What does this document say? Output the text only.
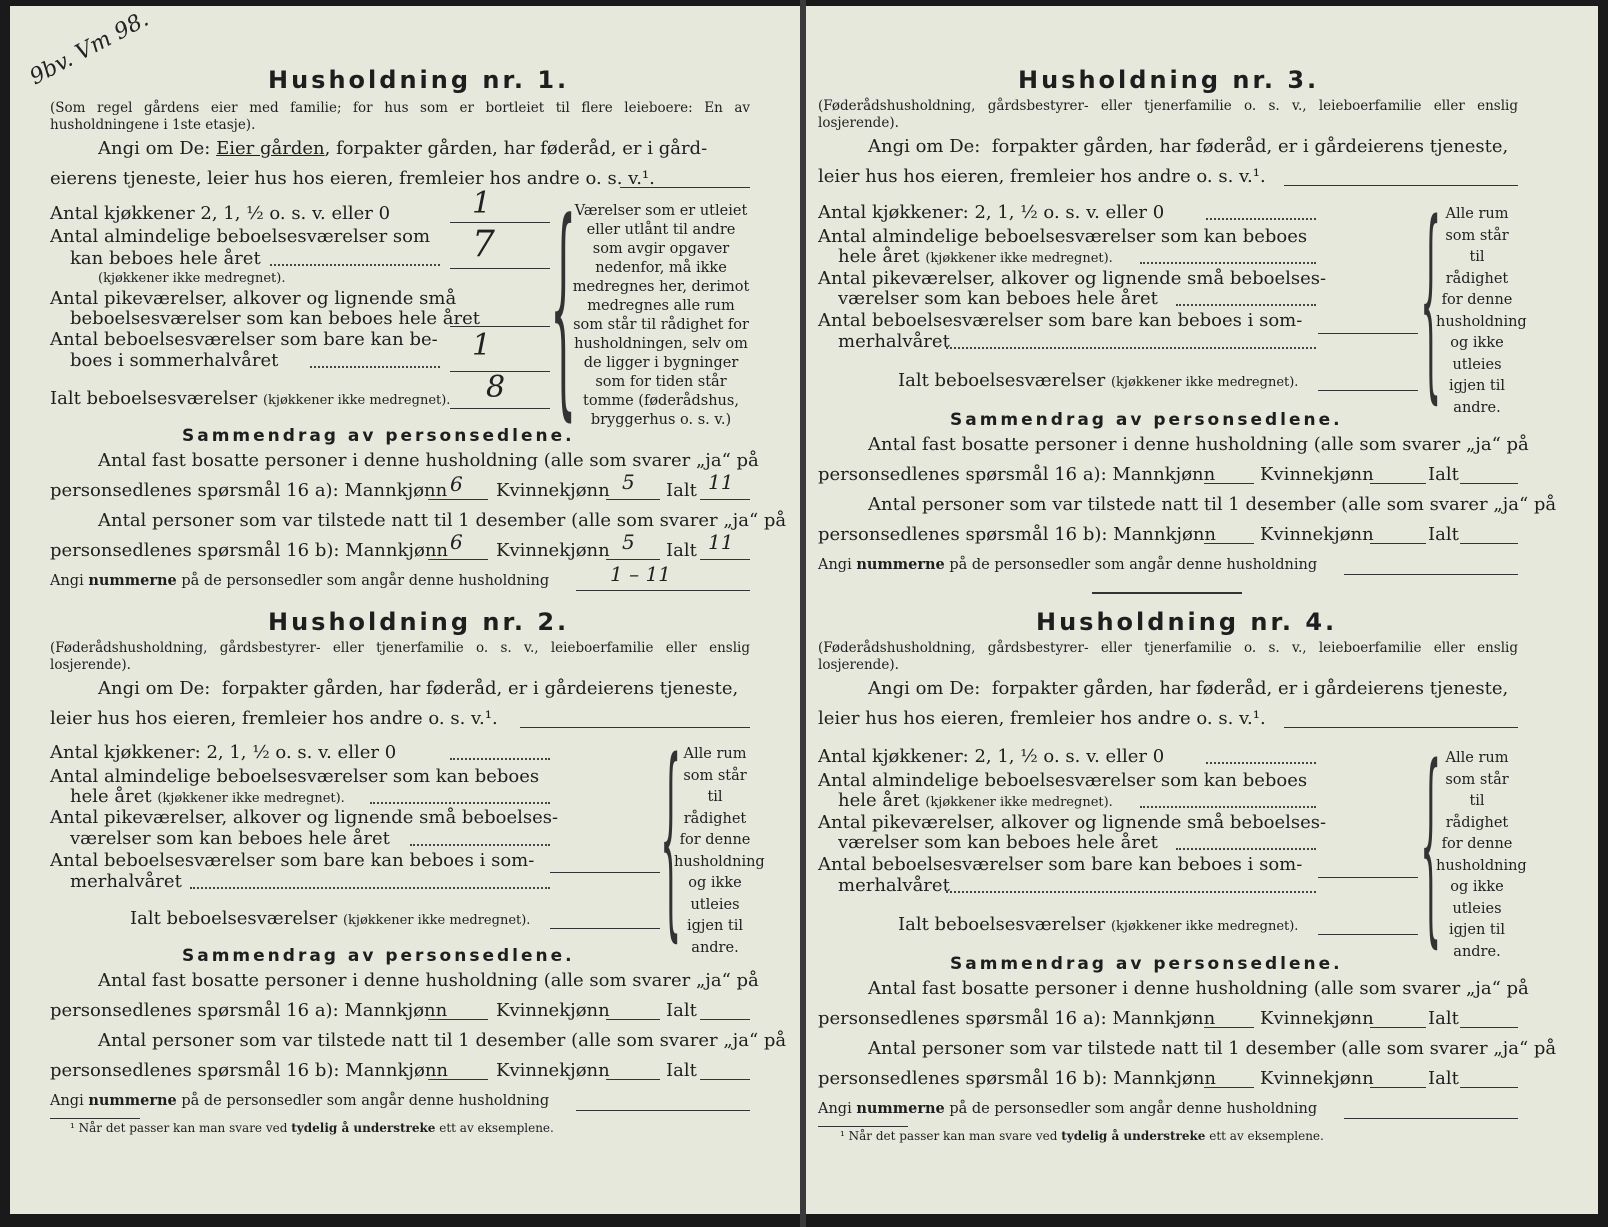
9bv. Vm 98.	Husholdning nr. 1.
(Som regel gårdens eier med familie; for hus som er bortleiet til flere leieboere: En av husholdningene i 1ste etasje).
Angi om De: Eier gården, forpakter gården, har føderåd, er i gård-
eierens tjeneste, leier hus hos eieren, fremleier hos andre o. s. v.¹.
Antal kjøkkener 2, 1, ½ o. s. v. eller 0	1
Antal almindelige beboelsesværelser som
kan beboes hele året	7
(kjøkkener ikke medregnet).
Antal pikeværelser, alkover og lignende små
beboelsesværelser som kan beboes hele året
Antal beboelsesværelser som bare kan be-
boes i sommerhalvåret	1
Ialt beboelsesværelser (kjøkkener ikke medregnet). 8 {
Værelser som er utleiet eller utlånt til andre som avgir opgaver nedenfor, må ikke medregnes her, derimot medregnes alle rum som står til rådighet for husholdningen, selv om de ligger i bygninger som for tiden står tomme (føderådshus, bryggerhus o. s. v.)
Sammendrag av personsedlene.
Antal fast bosatte personer i denne husholdning (alle som svarer „ja“ på
personsedlenes spørsmål 16 a): Mannkjønn 6 Kvinnekjønn 5 Ialt 11
Antal personer som var tilstede natt til 1 desember (alle som svarer „ja“ på
personsedlenes spørsmål 16 b): Mannkjønn 6 Kvinnekjønn 5 Ialt 11
Angi nummerne på de personsedler som angår denne husholdning	1 – 11
Husholdning nr. 2.
(Føderådshusholdning, gårdsbestyrer- eller tjenerfamilie o. s. v., leieboerfamilie eller enslig losjerende).
Angi om De: forpakter gården, har føderåd, er i gårdeierens tjeneste,
leier hus hos eieren, fremleier hos andre o. s. v.¹.
Antal kjøkkener: 2, 1, ½ o. s. v. eller 0
Antal almindelige beboelsesværelser som kan beboes
hele året (kjøkkener ikke medregnet).
Antal pikeværelser, alkover og lignende små beboelses-
værelser som kan beboes hele året
Antal beboelsesværelser som bare kan beboes i som-
merhalvåret
Ialt beboelsesværelser (kjøkkener ikke medregnet). { Alle rum som står til rådighet for denne husholdning og ikke utleies igjen til andre.
Sammendrag av personsedlene.
Antal fast bosatte personer i denne husholdning (alle som svarer „ja“ på
personsedlenes spørsmål 16 a): Mannkjønn	Kvinnekjønn	Ialt
Antal personer som var tilstede natt til 1 desember (alle som svarer „ja“ på
personsedlenes spørsmål 16 b): Mannkjønn	Kvinnekjønn	Ialt
Angi nummerne på de personsedler som angår denne husholdning
¹ Når det passer kan man svare ved tydelig å understreke ett av eksemplene.
Husholdning nr. 3.
(Føderådshusholdning, gårdsbestyrer- eller tjenerfamilie o. s. v., leieboerfamilie eller enslig losjerende).
Angi om De: forpakter gården, har føderåd, er i gårdeierens tjeneste,
leier hus hos eieren, fremleier hos andre o. s. v.¹.
Antal kjøkkener: 2, 1, ½ o. s. v. eller 0
Antal almindelige beboelsesværelser som kan beboes
hele året (kjøkkener ikke medregnet).
Antal pikeværelser, alkover og lignende små beboelses-
værelser som kan beboes hele året
Antal beboelsesværelser som bare kan beboes i som-
merhalvåret
Ialt beboelsesværelser (kjøkkener ikke medregnet). { Alle rum som står til rådighet for denne husholdning og ikke utleies igjen til andre.
Sammendrag av personsedlene.
Antal fast bosatte personer i denne husholdning (alle som svarer „ja“ på
personsedlenes spørsmål 16 a): Mannkjønn Kvinnekjønn	Ialt
Antal personer som var tilstede natt til 1 desember (alle som svarer „ja“ på
personsedlenes spørsmål 16 b): Mannkjønn Kvinnekjønn	Ialt
Angi nummerne på de personsedler som angår denne husholdning
Husholdning nr. 4.
(Føderådshusholdning, gårdsbestyrer- eller tjenerfamilie o. s. v., leieboerfamilie eller enslig losjerende).
Angi om De: forpakter gården, har føderåd, er i gårdeierens tjeneste,
leier hus hos eieren, fremleier hos andre o. s. v.¹.
Antal kjøkkener: 2, 1, ½ o. s. v. eller 0
Antal almindelige beboelsesværelser som kan beboes
hele året (kjøkkener ikke medregnet).
Antal pikeværelser, alkover og lignende små beboelses-
værelser som kan beboes hele året
Antal beboelsesværelser som bare kan beboes i som-
merhalvåret
Ialt beboelsesværelser (kjøkkener ikke medregnet). { Alle rum som står til rådighet for denne husholdning og ikke utleies igjen til andre.
Sammendrag av personsedlene.
Antal fast bosatte personer i denne husholdning (alle som svarer „ja“ på
personsedlenes spørsmål 16 a): Mannkjønn Kvinnekjønn	Ialt
Antal personer som var tilstede natt til 1 desember (alle som svarer „ja“ på
personsedlenes spørsmål 16 b): Mannkjønn Kvinnekjønn	Ialt
Angi nummerne på de personsedler som angår denne husholdning
¹ Når det passer kan man svare ved tydelig å understreke ett av eksemplene.
